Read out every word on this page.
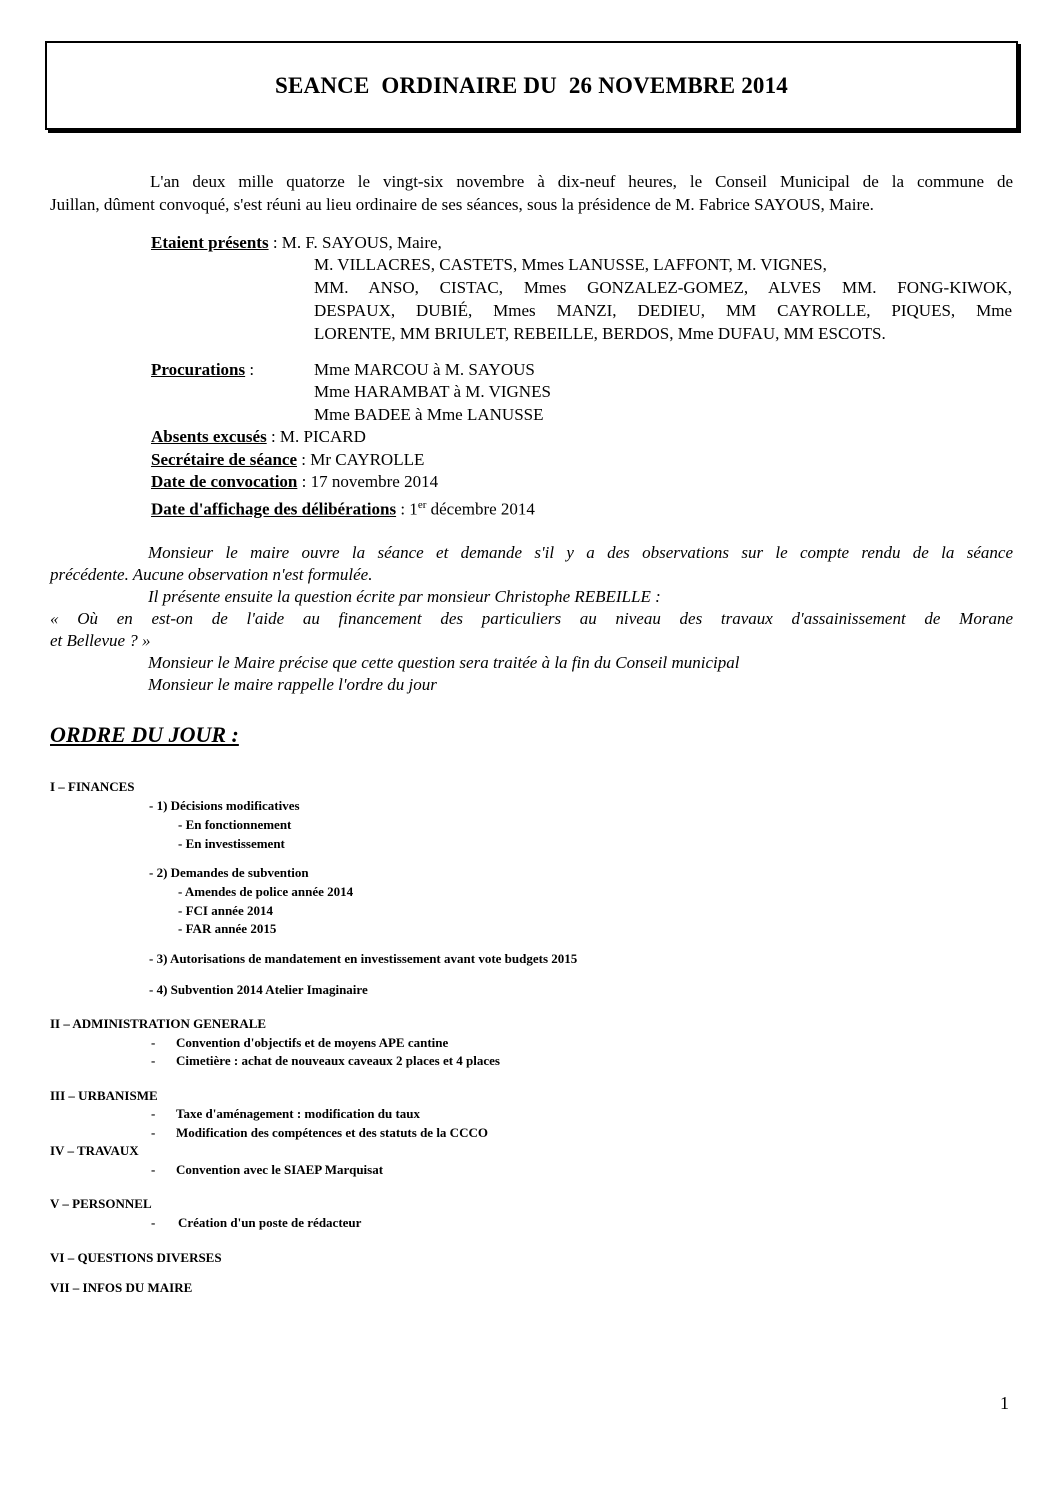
SEANCE  ORDINAIRE DU  26 NOVEMBRE 2014
L'an deux mille quatorze le vingt-six novembre à dix-neuf heures, le Conseil Municipal de la commune de
Juillan, dûment convoqué, s'est réuni au lieu ordinaire de ses séances, sous la présidence de M. Fabrice SAYOUS, Maire.
Etaient présents : M. F. SAYOUS, Maire,
M. VILLACRES, CASTETS, Mmes LANUSSE, LAFFONT, M. VIGNES,
MM. ANSO, CISTAC, Mmes GONZALEZ-GOMEZ, ALVES MM. FONG-KIWOK,
DESPAUX, DUBIÉ, Mmes MANZI, DEDIEU, MM CAYROLLE, PIQUES, Mme
LORENTE, MM BRIULET, REBEILLE, BERDOS, Mme DUFAU, MM ESCOTS.
Procurations :	Mme MARCOU à M. SAYOUS
Mme HARAMBAT à M. VIGNES
Mme BADEE à Mme LANUSSE
Absents excusés : M. PICARD
Secrétaire de séance : Mr CAYROLLE
Date de convocation : 17 novembre 2014
Date d'affichage des délibérations : 1er décembre 2014
Monsieur le maire ouvre la séance et demande s'il y a des observations sur le compte rendu de la séance
précédente. Aucune observation n'est formulée.
Il présente ensuite la question écrite par monsieur Christophe REBEILLE :
« Où en est-on de l'aide au financement des particuliers au niveau des travaux d'assainissement de Morane
et Bellevue ? »
Monsieur le Maire précise que cette question sera traitée à la fin du Conseil municipal
Monsieur le maire rappelle l'ordre du jour
ORDRE DU JOUR :
I – FINANCES
- 1) Décisions modificatives
- En fonctionnement
- En investissement
- 2) Demandes de subvention
- Amendes de police année 2014
- FCI année 2014
- FAR année 2015
- 3) Autorisations de mandatement en investissement avant vote budgets 2015
- 4) Subvention 2014 Atelier Imaginaire
II – ADMINISTRATION GENERALE
- Convention d'objectifs et de moyens APE cantine
- Cimetière : achat de nouveaux caveaux 2 places et 4 places
III – URBANISME
- Taxe d'aménagement : modification du taux
- Modification des compétences et des statuts de la CCCO
IV – TRAVAUX
- Convention avec le SIAEP Marquisat
V – PERSONNEL
- Création d'un poste de rédacteur
VI – QUESTIONS DIVERSES
VII – INFOS DU MAIRE
1
